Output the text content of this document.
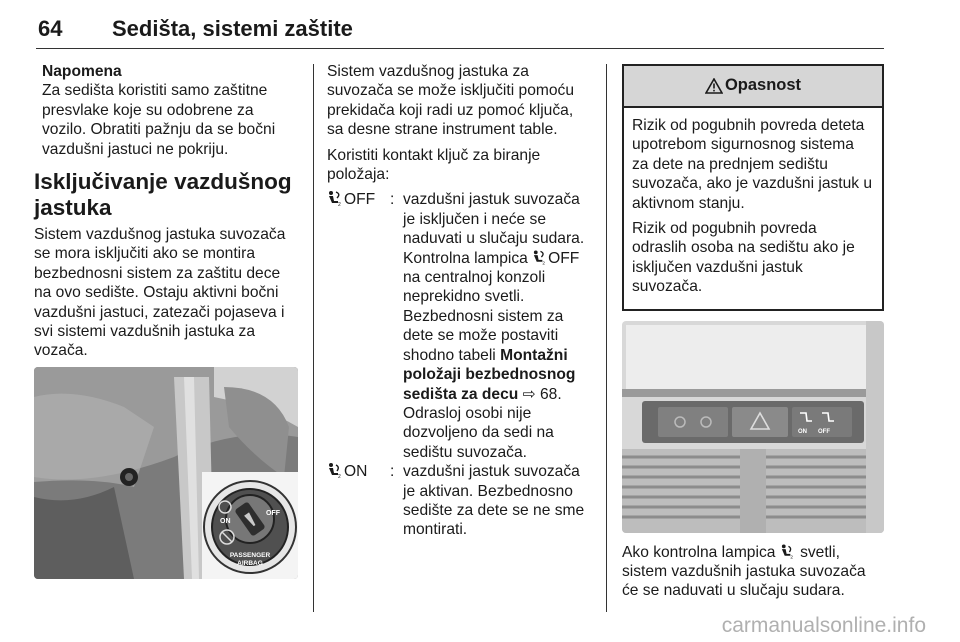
64 Sedišta, sistemi zaštite
Napomena

Za sedišta koristiti samo zaštitne presvlake koje su odobrene za vozilo. Obratiti pažnju da se bočni vazdušni jastuci ne pokriju.

Isključivanje vazdušnog jastuka

Sistem vazdušnog jastuka suvozača se mora isključiti ako se montira bezbednosni sistem za zaštitu dece na ovo sedište. Ostaju aktivni bočni vazdušni jastuci, zatezači pojaseva i svi sistemi vazdušnih jastuka za vozača.

ON
OFF
PASSENGER
AIRBAG

Sistem vazdušnog jastuka za suvozača se može isključiti pomoću prekidača koji radi uz pomoć ključa, sa desne strane instrument table.

Koristiti kontakt ključ za biranje položaja:

2 OFF : vazdušni jastuk suvozača je isključen i neće se naduvati u slučaju sudara. Kontrolna lampica 2 OFF na centralnoj konzoli neprekidno svetli. Bezbednosni sistem za dete se može postaviti shodno tabeli Montažni položaji bezbednosnog sedišta za decu ⇨ 68. Odrasloj osobi nije dozvoljeno da sedi na sedištu suvozača.
2 ON : vazdušni jastuk suvozača je aktivan. Bezbednosno sedište za dete se ne sme montirati.
Opasnost

Rizik od pogubnih povreda deteta upotrebom sigurnosnog sistema za dete na prednjem sedištu suvozača, ako je vazdušni jastuk u aktivnom stanju.

Rizik od pogubnih povreda odraslih osoba na sedištu ako je isključen vazdušni jastuk suvozača.

ON OFF

Ako kontrolna lampica 2 svetli, sistem vazdušnih jastuka suvozača će se naduvati u slučaju sudara.

carmanualsonline.info
